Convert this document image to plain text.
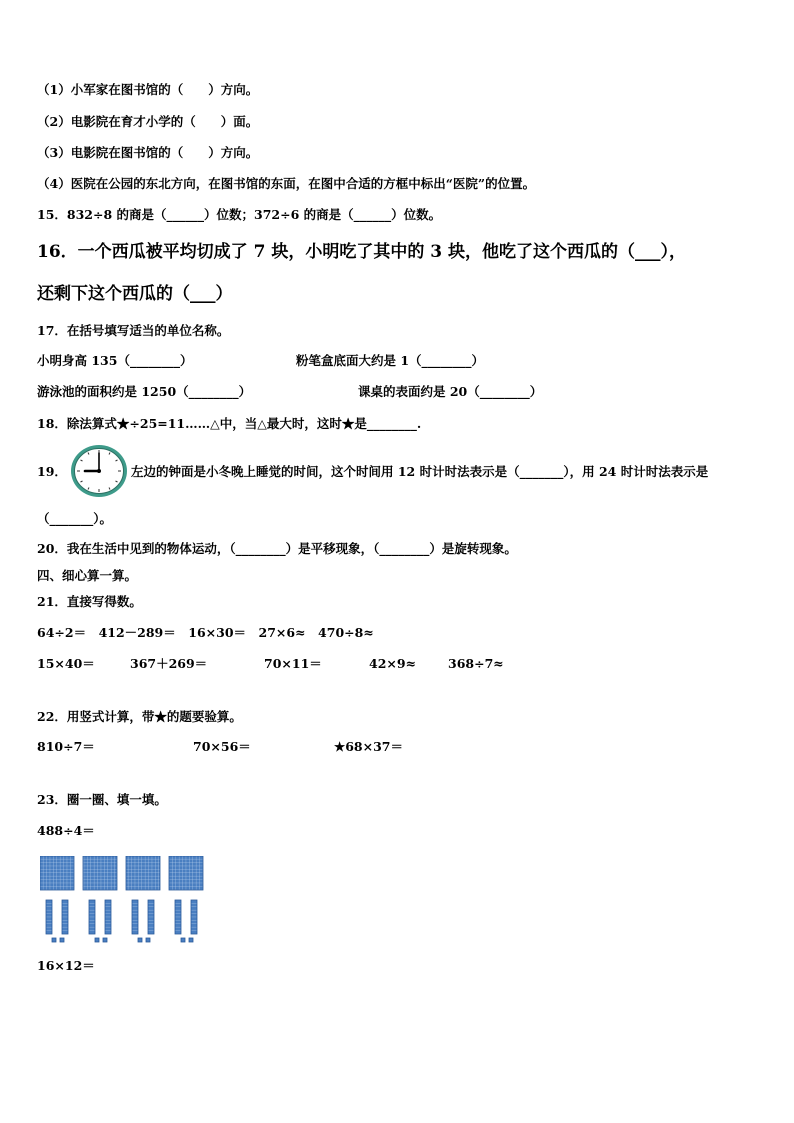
（1）小军家在图书馆的（　　）方向。
（2）电影院在育才小学的（　　）面。
（3）电影院在图书馆的（　　）方向。
（4）医院在公园的东北方向，在图书馆的东面，在图中合适的方框中标出“医院”的位置。
15．832÷8 的商是（______）位数；372÷6 的商是（______）位数。
16．一个西瓜被平均切成了 7 块，小明吃了其中的 3 块，他吃了这个西瓜的（___），
还剩下这个西瓜的（___）
17．在括号填写适当的单位名称。
小明身高 135（________）	粉笔盒底面大约是 1（________）
游泳池的面积约是 1250（________）	课桌的表面约是 20（________）
18．除法算式★÷25=11……△中，当△最大时，这时★是________.
19．	左边的钟面是小冬晚上睡觉的时间，这个时间用 12 时计时法表示是（_______），用 24 时计时法表示是
（_______）。
20．我在生活中见到的物体运动，（________）是平移现象，（________）是旋转现象。
四、细心算一算。
21．直接写得数。
64÷2＝　412－289＝　16×30＝　27×6≈　470÷8≈
15×40＝	367＋269＝	70×11＝	42×9≈	368÷7≈
22．用竖式计算，带★的题要验算。
810÷7＝	70×56＝	★68×37＝
23．圈一圈、填一填。
488÷4＝
16×12＝
